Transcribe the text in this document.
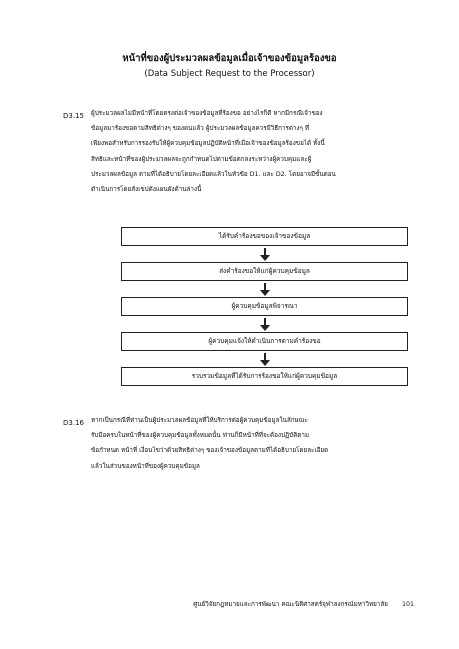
หน้าที่ของผู้ประมวลผลข้อมูลเมื่อเจ้าของข้อมูลร้องขอ
(Data Subject Request to the Processor)
D3.15 ผู้ประมวลผลไม่มีหน้าที่โดยตรงต่อเจ้าของข้อมูลที่ร้องขอ อย่างไรก็ดี หากมีกรณีเจ้าของ
ข้อมูลมาร้องขอตามสิทธิต่างๆ ของตนแล้ว ผู้ประมวลผลข้อมูลควรมีวิธีการต่างๆ ที่
เพียงพอสำหรับการรองรับให้ผู้ควบคุมข้อมูลปฏิบัติหน้าที่เมื่อเจ้าของข้อมูลร้องขอได้ ทั้งนี้
สิทธิและหน้าที่ของผู้ประมวลผลจะถูกกำหนดไปตามข้อตกลงระหว่างผู้ควบคุมและผู้
ประมวลผลข้อมูล ตามที่ได้อธิบายโดยละเอียดแล้วในหัวข้อ D1. และ D2. โดยอาจมีขั้นตอน
ดำเนินการโดยสังเขปดังแผนผังด้านล่างนี้
ได้รับคำร้องขอของเจ้าของข้อมูล
ส่งคำร้องขอให้แก่ผู้ควบคุมข้อมูล
ผู้ควบคุมข้อมูลพิจารณา
ผู้ควบคุมแจ้งให้ดำเนินการตามคำร้องขอ
รวบรวมข้อมูลที่ได้รับการร้องขอให้แก่ผู้ควบคุมข้อมูล
D3.16 หากเป็นกรณีที่ท่านเป็นผู้ประมวลผลข้อมูลที่ให้บริการต่อผู้ควบคุมข้อมูลในลักษณะ
รับมือครบในหน้าที่ของผู้ควบคุมข้อมูลทั้งหมดนั้น ท่านก็มีหน้าที่ที่จะต้องปฏิบัติตาม
ข้อกำหนด หน้าที่ เงื่อนไขว่าด้วยสิทธิต่างๆ ของเจ้าของข้อมูลตามที่ได้อธิบายโดยละเอียด
แล้วในส่วนของหน้าที่ของผู้ควบคุมข้อมูล
ศูนย์วิจัยกฎหมายและการพัฒนา คณะนิติศาสตร์จุฬาลงกรณ์มหาวิทยาลัย 101
